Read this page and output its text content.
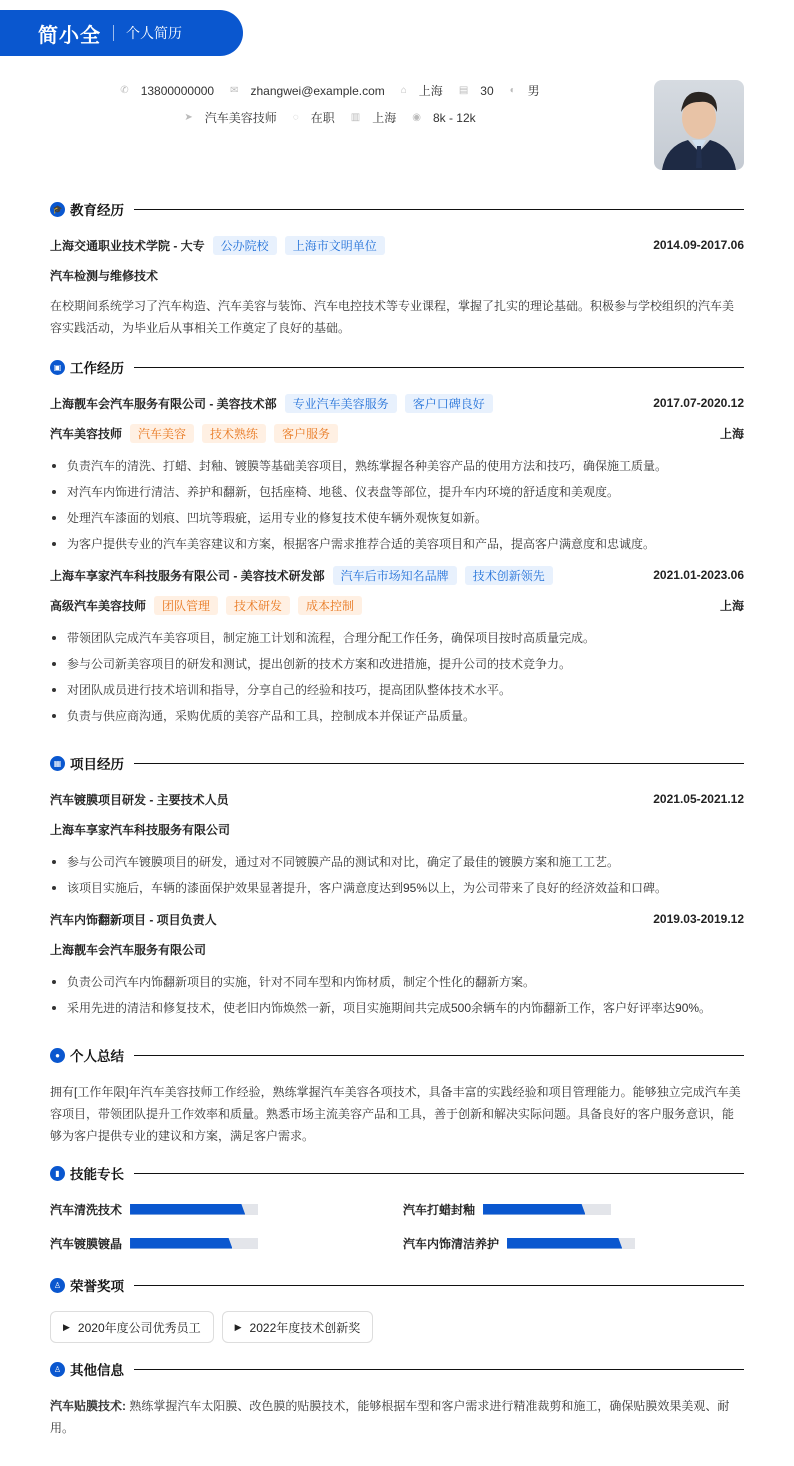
简小全 个人简历
✆ 13800000000 ✉ zhangwei@example.com ⌂ 上海 ▤ 30 ◐ 男
➤ 汽车美容技师 ◌ 在职 ▥ 上海 ◉ 8k - 12k
🎓 教育经历
上海交通职业技术学院 - 大专	公办院校	上海市文明单位	2014.09-2017.06
汽车检测与维修技术

在校期间系统学习了汽车构造、汽车美容与装饰、汽车电控技术等专业课程，掌握了扎实的理论基础。积极参与学校组织的汽车美容实践活动，为毕业后从事相关工作奠定了良好的基础。

▣ 工作经历
上海靓车会汽车服务有限公司 - 美容技术部	专业汽车美容服务	客户口碑良好	2017.07-2020.12
汽车美容技师	汽车美容	技术熟练	客户服务	上海
负责汽车的清洗、打蜡、封釉、镀膜等基础美容项目，熟练掌握各种美容产品的使用方法和技巧，确保施工质量。
对汽车内饰进行清洁、养护和翻新，包括座椅、地毯、仪表盘等部位，提升车内环境的舒适度和美观度。
处理汽车漆面的划痕、凹坑等瑕疵，运用专业的修复技术使车辆外观恢复如新。
为客户提供专业的汽车美容建议和方案，根据客户需求推荐合适的美容项目和产品，提高客户满意度和忠诚度。
上海车享家汽车科技服务有限公司 - 美容技术研发部	汽车后市场知名品牌	技术创新领先	2021.01-2023.06
高级汽车美容技师	团队管理	技术研发	成本控制	上海
带领团队完成汽车美容项目，制定施工计划和流程，合理分配工作任务，确保项目按时高质量完成。
参与公司新美容项目的研发和测试，提出创新的技术方案和改进措施，提升公司的技术竞争力。
对团队成员进行技术培训和指导，分享自己的经验和技巧，提高团队整体技术水平。
负责与供应商沟通，采购优质的美容产品和工具，控制成本并保证产品质量。
▦ 项目经历
汽车镀膜项目研发 - 主要技术人员	2021.05-2021.12
上海车享家汽车科技服务有限公司
参与公司汽车镀膜项目的研发，通过对不同镀膜产品的测试和对比，确定了最佳的镀膜方案和施工工艺。
该项目实施后，车辆的漆面保护效果显著提升，客户满意度达到95%以上，为公司带来了良好的经济效益和口碑。
汽车内饰翻新项目 - 项目负责人	2019.03-2019.12
上海靓车会汽车服务有限公司
负责公司汽车内饰翻新项目的实施，针对不同车型和内饰材质，制定个性化的翻新方案。
采用先进的清洁和修复技术，使老旧内饰焕然一新，项目实施期间共完成500余辆车的内饰翻新工作，客户好评率达90%。
● 个人总结

拥有[工作年限]年汽车美容技师工作经验，熟练掌握汽车美容各项技术，具备丰富的实践经验和项目管理能力。能够独立完成汽车美容项目，带领团队提升工作效率和质量。熟悉市场主流美容产品和工具，善于创新和解决实际问题。具备良好的客户服务意识，能够为客户提供专业的建议和方案，满足客户需求。

▮ 技能专长
汽车清洗技术	汽车打蜡封釉
汽车镀膜镀晶	汽车内饰清洁养护
♙ 荣誉奖项
▶ 2020年度公司优秀员工	▶ 2022年度技术创新奖
♙ 其他信息

汽车贴膜技术: 熟练掌握汽车太阳膜、改色膜的贴膜技术，能够根据车型和客户需求进行精准裁剪和施工，确保贴膜效果美观、耐用。
